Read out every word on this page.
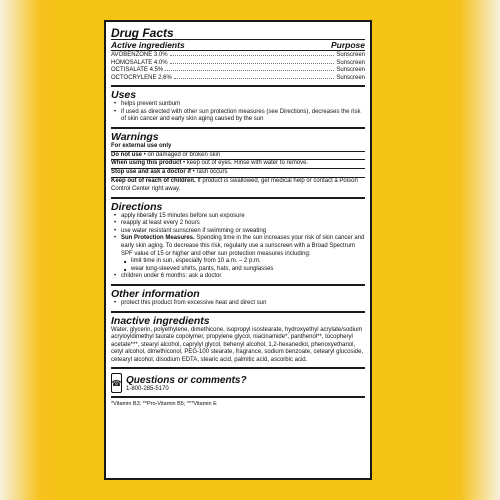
Drug Facts
Active ingredients	Purpose
AVOBENZONE 3.0%	Sunscreen
HOMOSALATE 4.0%	Sunscreen
OCTISALATE 4.5%	Sunscreen
OCTOCRYLENE 2.6%	Sunscreen
Uses
• helps prevent sunburn
• if used as directed with other sun protection measures (see Directions), decreases the risk of skin cancer and early skin aging caused by the sun
Warnings
For external use only
Do not use • on damaged or broken skin
When using this product • keep out of eyes. Rinse with water to remove.
Stop use and ask a doctor if • rash occurs
Keep out of reach of children. If product is swallowed, get medical help or contact a Poison Control Center right away.
Directions
• apply liberally 15 minutes before sun exposure
• reapply at least every 2 hours
• use water resistant sunscreen if swimming or sweating
• Sun Protection Measures. Spending time in the sun increases your risk of skin cancer and early skin aging. To decrease this risk, regularly use a sunscreen with a Broad Spectrum SPF value of 15 or higher and other sun protection measures including:
■ limit time in sun, especially from 10 a.m. – 2 p.m.
■ wear long-sleeved shirts, pants, hats, and sunglasses
• children under 6 months: ask a doctor
Other information
• protect this product from excessive heat and direct sun
Inactive ingredients
Water, glycerin, polyethylene, dimethicone, isopropyl isostearate, hydroxyethyl acrylate/sodium acryloyldimethyl taurate copolymer, propylene glycol, niacinamide*, panthenol**, tocopheryl acetate***, stearyl alcohol, caprylyl glycol, behenyl alcohol, 1,2-hexanediol, phenoxyethanol, cetyl alcohol, dimethiconol, PEG-100 stearate, fragrance, sodium benzoate, cetearyl glucoside, cetearyl alcohol, disodium EDTA, stearic acid, palmitic acid, ascorbic acid.
☎ Questions or comments?
1-800-285-5170
*Vitamin B3; **Pro-Vitamin B5; ***Vitamin E
